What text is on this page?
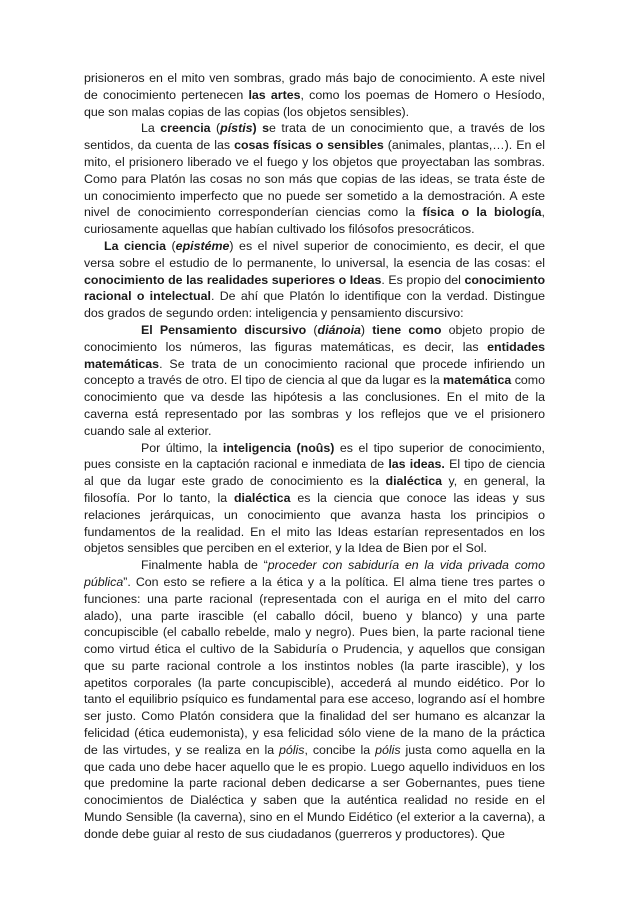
prisioneros en el mito ven sombras, grado más bajo de conocimiento. A este nivel de conocimiento pertenecen las artes, como los poemas de Homero o Hesíodo, que son malas copias de las copias (los objetos sensibles).

La creencia (pístis) se trata de un conocimiento que, a través de los sentidos, da cuenta de las cosas físicas o sensibles (animales, plantas,…). En el mito, el prisionero liberado ve el fuego y los objetos que proyectaban las sombras. Como para Platón las cosas no son más que copias de las ideas, se trata éste de un conocimiento imperfecto que no puede ser sometido a la demostración. A este nivel de conocimiento corresponderían ciencias como la física o la biología, curiosamente aquellas que habían cultivado los filósofos presocráticos.

La ciencia (epistéme) es el nivel superior de conocimiento, es decir, el que versa sobre el estudio de lo permanente, lo universal, la esencia de las cosas: el conocimiento de las realidades superiores o Ideas. Es propio del conocimiento racional o intelectual. De ahí que Platón lo identifique con la verdad. Distingue dos grados de segundo orden: inteligencia y pensamiento discursivo:

El Pensamiento discursivo (diánoia) tiene como objeto propio de conocimiento los números, las figuras matemáticas, es decir, las entidades matemáticas. Se trata de un conocimiento racional que procede infiriendo un concepto a través de otro. El tipo de ciencia al que da lugar es la matemática como conocimiento que va desde las hipótesis a las conclusiones. En el mito de la caverna está representado por las sombras y los reflejos que ve el prisionero cuando sale al exterior.

Por último, la inteligencia (noûs) es el tipo superior de conocimiento, pues consiste en la captación racional e inmediata de las ideas. El tipo de ciencia al que da lugar este grado de conocimiento es la dialéctica y, en general, la filosofía. Por lo tanto, la dialéctica es la ciencia que conoce las ideas y sus relaciones jerárquicas, un conocimiento que avanza hasta los principios o fundamentos de la realidad. En el mito las Ideas estarían representados en los objetos sensibles que perciben en el exterior, y la Idea de Bien por el Sol.

Finalmente habla de “proceder con sabiduría en la vida privada como pública”. Con esto se refiere a la ética y a la política. El alma tiene tres partes o funciones: una parte racional (representada con el auriga en el mito del carro alado), una parte irascible (el caballo dócil, bueno y blanco) y una parte concupiscible (el caballo rebelde, malo y negro). Pues bien, la parte racional tiene como virtud ética el cultivo de la Sabiduría o Prudencia, y aquellos que consigan que su parte racional controle a los instintos nobles (la parte irascible), y los apetitos corporales (la parte concupiscible), accederá al mundo eidético. Por lo tanto el equilibrio psíquico es fundamental para ese acceso, logrando así el hombre ser justo. Como Platón considera que la finalidad del ser humano es alcanzar la felicidad (ética eudemonista), y esa felicidad sólo viene de la mano de la práctica de las virtudes, y se realiza en la pólis, concibe la pólis justa como aquella en la que cada uno debe hacer aquello que le es propio. Luego aquello individuos en los que predomine la parte racional deben dedicarse a ser Gobernantes, pues tiene conocimientos de Dialéctica y saben que la auténtica realidad no reside en el Mundo Sensible (la caverna), sino en el Mundo Eidético (el exterior a la caverna), a donde debe guiar al resto de sus ciudadanos (guerreros y productores). Que
